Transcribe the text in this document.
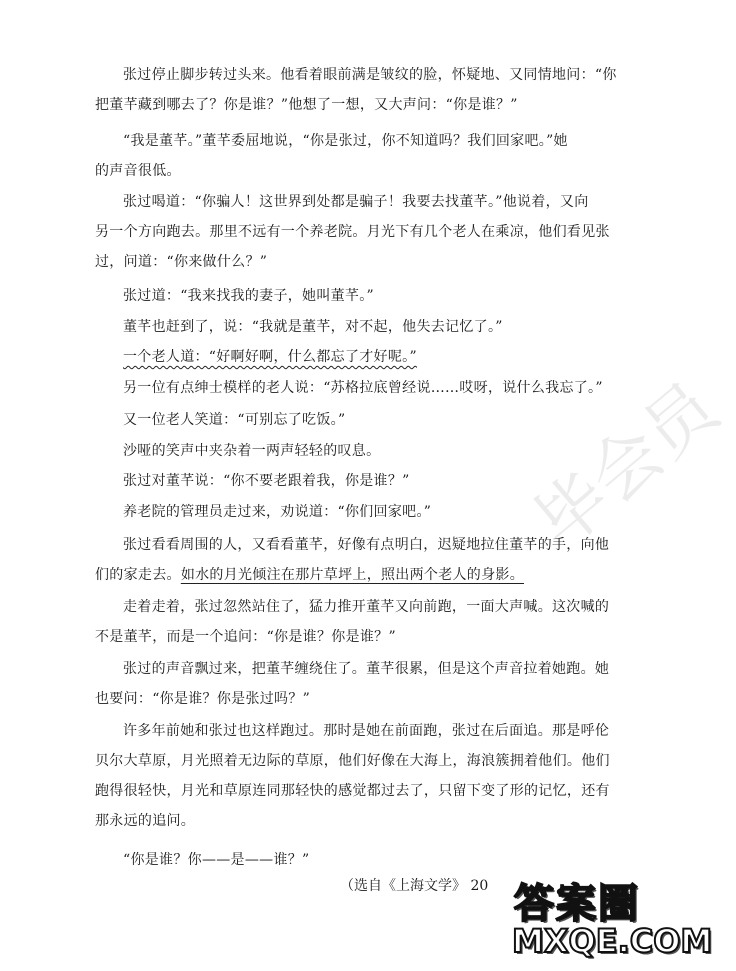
张过停止脚步转过头来。他看着眼前满是皱纹的脸，怀疑地、又同情地问：“你
把董芊藏到哪去了？你是谁？”他想了一想，又大声问：“你是谁？”
“我是董芊。”董芊委屈地说，“你是张过，你不知道吗？我们回家吧。”她
的声音很低。
张过喝道：“你骗人！这世界到处都是骗子！我要去找董芊。”他说着，又向
另一个方向跑去。那里不远有一个养老院。月光下有几个老人在乘凉，他们看见张
过，问道：“你来做什么？”
张过道：“我来找我的妻子，她叫董芊。”
董芊也赶到了，说：“我就是董芊，对不起，他失去记忆了。”
一个老人道：“好啊好啊，什么都忘了才好呢。”
另一位有点绅士模样的老人说：“苏格拉底曾经说……哎呀，说什么我忘了。”
又一位老人笑道：“可别忘了吃饭。”
沙哑的笑声中夹杂着一两声轻轻的叹息。
张过对董芊说：“你不要老跟着我，你是谁？”
养老院的管理员走过来，劝说道：“你们回家吧。”
张过看看周围的人，又看看董芊，好像有点明白，迟疑地拉住董芊的手，向他
们的家走去。如水的月光倾注在那片草坪上，照出两个老人的身影。
走着走着，张过忽然站住了，猛力推开董芊又向前跑，一面大声喊。这次喊的
不是董芊，而是一个追问：“你是谁？你是谁？”
张过的声音飘过来，把董芊缠绕住了。董芊很累，但是这个声音拉着她跑。她
也要问：“你是谁？你是张过吗？”
许多年前她和张过也这样跑过。那时是她在前面跑，张过在后面追。那是呼伦
贝尔大草原，月光照着无边际的草原，他们好像在大海上，海浪簇拥着他们。他们
跑得很轻快，月光和草原连同那轻快的感觉都过去了，只留下变了形的记忆，还有
那永远的追问。
“你是谁？你——是——谁？”
（选自《上海文学》 20
毕会员
答案圈
MXQE.COM
